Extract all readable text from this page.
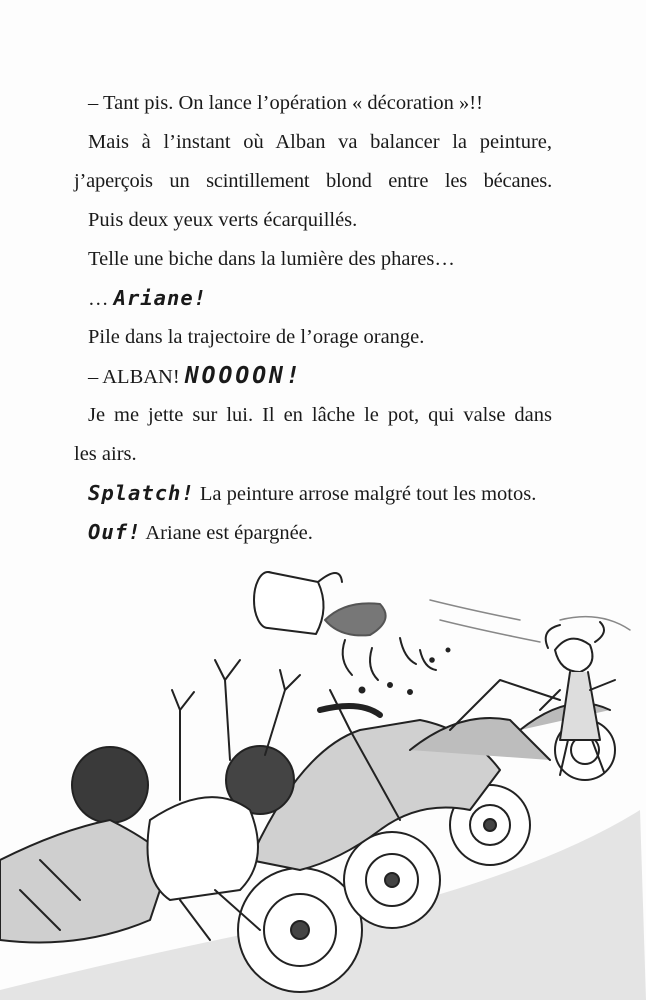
– Tant pis. On lance l’opération « décoration »!!
Mais à l’instant où Alban va balancer la peinture,
j’aperçois un scintillement blond entre les bécanes.
Puis deux yeux verts écarquillés.
Telle une biche dans la lumière des phares…
… Ariane!
Pile dans la trajectoire de l’orage orange.
– ALBAN! NOOOON!
Je me jette sur lui. Il en lâche le pot, qui valse dans
les airs.
Splatch! La peinture arrose malgré tout les motos.
Ouf! Ariane est épargnée.
